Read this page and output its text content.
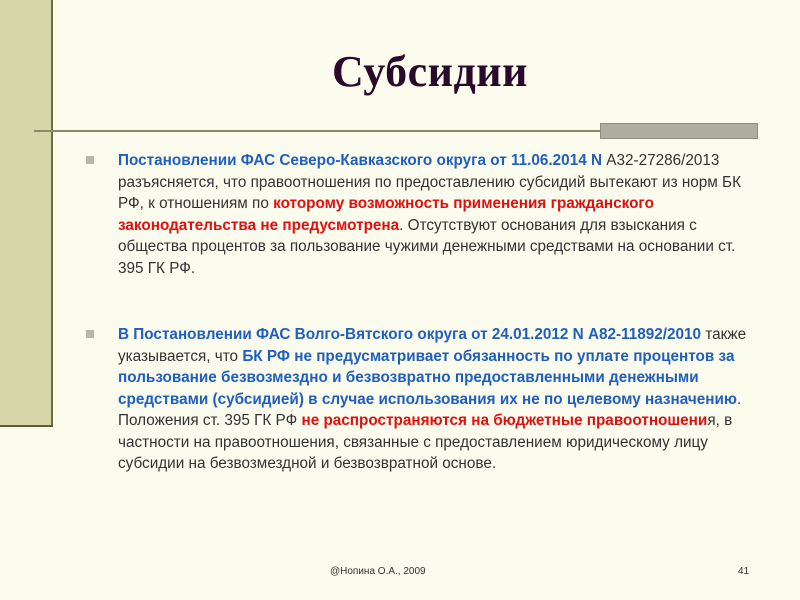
Субсидии
Постановлении ФАС Северо-Кавказского округа от 11.06.2014 N А32-27286/2013 разъясняется, что правоотношения по предоставлению субсидий вытекают из норм БК РФ, к отношениям по которому возможность применения гражданского законодательства не предусмотрена. Отсутствуют основания для взыскания с общества процентов за пользование чужими денежными средствами на основании ст. 395 ГК РФ.
В Постановлении ФАС Волго-Вятского округа от 24.01.2012 N А82-11892/2010 также указывается, что БК РФ не предусматривает обязанность по уплате процентов за пользование безвозмездно и безвозвратно предоставленными денежными средствами (субсидией) в случае использования их не по целевому назначению. Положения ст. 395 ГК РФ не распространяются на бюджетные правоотношения, в частности на правоотношения, связанные с предоставлением юридическому лицу субсидии на безвозмездной и безвозвратной основе.
@Нопина О.А., 2009	41
